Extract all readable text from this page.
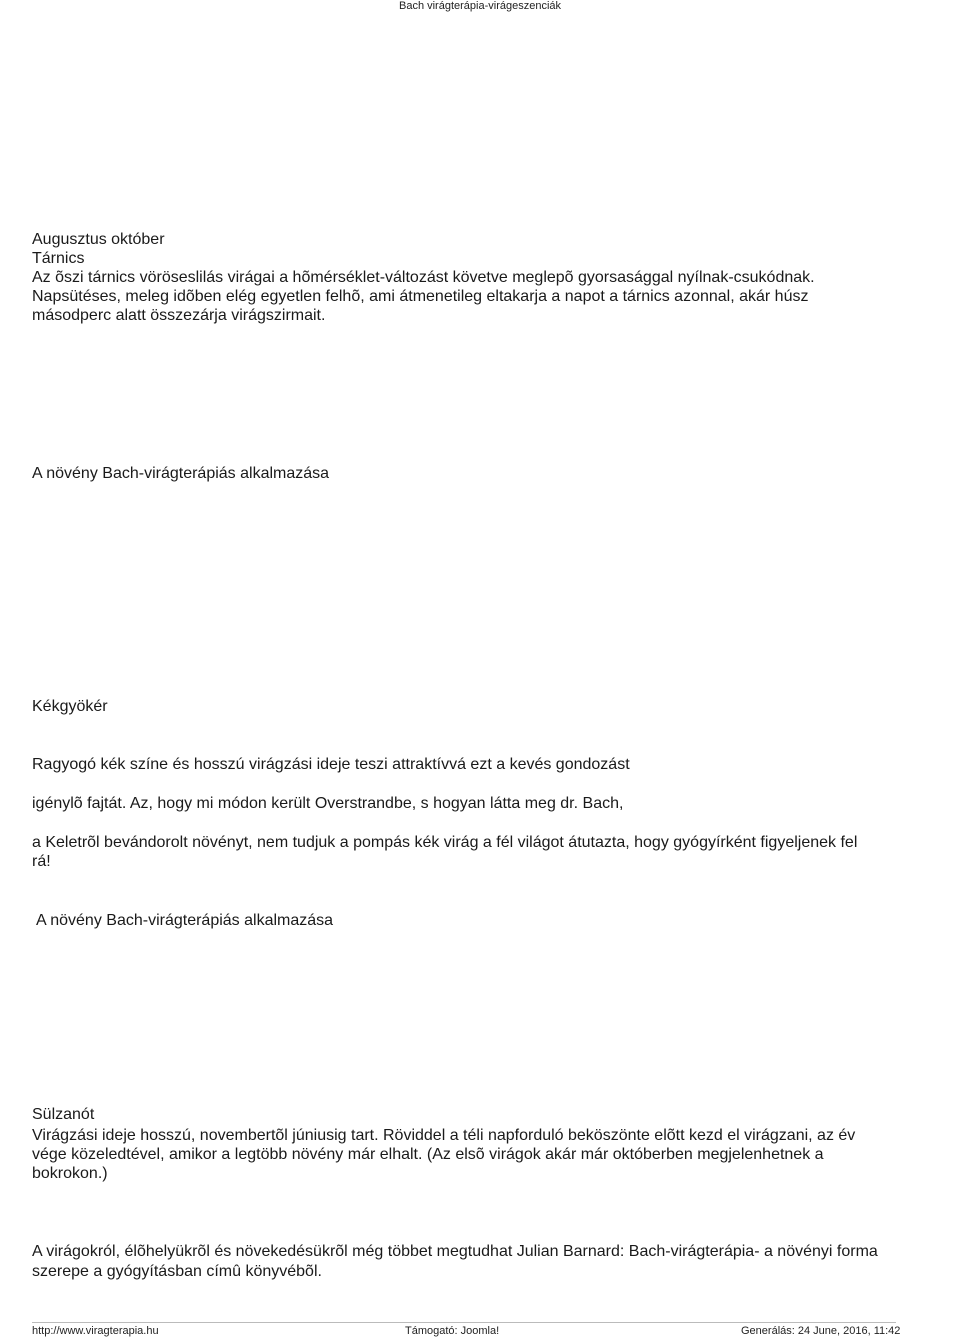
Bach virágterápia-virágeszenciák
Augusztus október
Tárnics
Az õszi tárnics vöröseslilás virágai a hõmérséklet-változást követve meglepõ gyorsasággal nyílnak-csukódnak.
Napsütéses, meleg idõben elég egyetlen felhõ, ami átmenetileg eltakarja a napot a tárnics azonnal, akár húsz
másodperc alatt összezárja virágszirmait.
A növény Bach-virágterápiás alkalmazása
Kékgyökér
Ragyogó kék színe és hosszú virágzási ideje teszi attraktívvá ezt a kevés gondozást
igénylõ fajtát. Az, hogy mi módon került Overstrandbe, s hogyan látta meg dr. Bach,
a Keletrõl bevándorolt növényt, nem tudjuk a pompás kék virág a fél világot átutazta, hogy gyógyírként figyeljenek fel
rá!
A növény Bach-virágterápiás alkalmazása
Sülzanót
Virágzási ideje hosszú, novembertõl júniusig tart. Röviddel a téli napforduló beköszönte elõtt kezd el virágzani, az év
vége közeledtével, amikor a legtöbb növény már elhalt. (Az elsõ virágok akár már októberben megjelenhetnek a
bokrokon.)
A virágokról, élõhelyükrõl és növekedésükrõl még többet megtudhat Julian Barnard: Bach-virágterápia- a növényi forma
szerepe a gyógyításban címû könyvébõl.
http://www.viragterapia.hu	Támogató: Joomla!	Generálás: 24 June, 2016, 11:42
